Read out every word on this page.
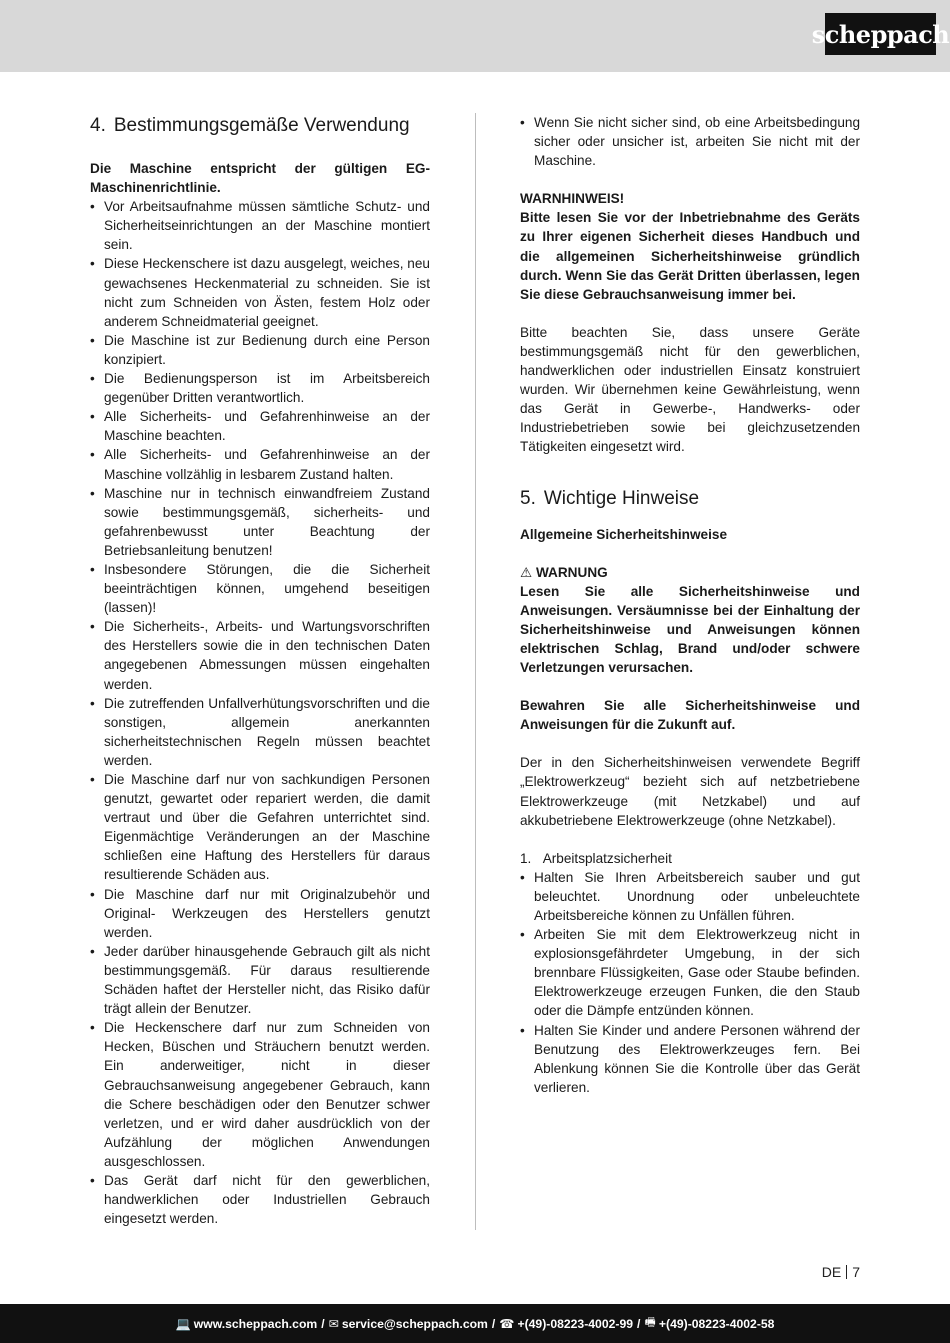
scheppach
4. Bestimmungsgemäße Verwendung

Die Maschine entspricht der gültigen EG-Maschinenrichtlinie.

• Vor Arbeitsaufnahme müssen sämtliche Schutz- und Sicherheitseinrichtungen an der Maschine montiert sein.
• Diese Heckenschere ist dazu ausgelegt, weiches, neu gewachsenes Heckenmaterial zu schneiden. Sie ist nicht zum Schneiden von Ästen, festem Holz oder anderem Schneidmaterial geeignet.
• Die Maschine ist zur Bedienung durch eine Person konzipiert.
• Die Bedienungsperson ist im Arbeitsbereich gegenüber Dritten verantwortlich.
• Alle Sicherheits- und Gefahrenhinweise an der Maschine beachten.
• Alle Sicherheits- und Gefahrenhinweise an der Maschine vollzählig in lesbarem Zustand halten.
• Maschine nur in technisch einwandfreiem Zustand sowie bestimmungsgemäß, sicherheits- und gefahrenbewusst unter Beachtung der Betriebsanleitung benutzen!
• Insbesondere Störungen, die die Sicherheit beeinträchtigen können, umgehend beseitigen (lassen)!
• Die Sicherheits-, Arbeits- und Wartungsvorschriften des Herstellers sowie die in den technischen Daten angegebenen Abmessungen müssen eingehalten werden.
• Die zutreffenden Unfallverhütungsvorschriften und die sonstigen, allgemein anerkannten sicherheitstechnischen Regeln müssen beachtet werden.
• Die Maschine darf nur von sachkundigen Personen genutzt, gewartet oder repariert werden, die damit vertraut und über die Gefahren unterrichtet sind. Eigenmächtige Veränderungen an der Maschine schließen eine Haftung des Herstellers für daraus resultierende Schäden aus.
• Die Maschine darf nur mit Originalzubehör und Original- Werkzeugen des Herstellers genutzt werden.
• Jeder darüber hinausgehende Gebrauch gilt als nicht bestimmungsgemäß. Für daraus resultierende Schäden haftet der Hersteller nicht, das Risiko dafür trägt allein der Benutzer.
• Die Heckenschere darf nur zum Schneiden von Hecken, Büschen und Sträuchern benutzt werden. Ein anderweitiger, nicht in dieser Gebrauchsanweisung angegebener Gebrauch, kann die Schere beschädigen oder den Benutzer schwer verletzen, und er wird daher ausdrücklich von der Aufzählung der möglichen Anwendungen ausgeschlossen.
• Das Gerät darf nicht für den gewerblichen, handwerklichen oder Industriellen Gebrauch eingesetzt werden.
• Wenn Sie nicht sicher sind, ob eine Arbeitsbedingung sicher oder unsicher ist, arbeiten Sie nicht mit der Maschine.

WARNHINWEIS!

Bitte lesen Sie vor der Inbetriebnahme des Geräts zu Ihrer eigenen Sicherheit dieses Handbuch und die allgemeinen Sicherheitshinweise gründlich durch. Wenn Sie das Gerät Dritten überlassen, legen Sie diese Gebrauchsanweisung immer bei.

Bitte beachten Sie, dass unsere Geräte bestimmungsgemäß nicht für den gewerblichen, handwerklichen oder industriellen Einsatz konstruiert wurden. Wir übernehmen keine Gewährleistung, wenn das Gerät in Gewerbe-, Handwerks- oder Industriebetrieben sowie bei gleichzusetzenden Tätigkeiten eingesetzt wird.

5. Wichtige Hinweise

Allgemeine Sicherheitshinweise

⚠ WARNUNG

Lesen Sie alle Sicherheitshinweise und Anweisungen. Versäumnisse bei der Einhaltung der Sicherheitshinweise und Anweisungen können elektrischen Schlag, Brand und/oder schwere Verletzungen verursachen.

Bewahren Sie alle Sicherheitshinweise und Anweisungen für die Zukunft auf.

Der in den Sicherheitshinweisen verwendete Begriff „Elektrowerkzeug“ bezieht sich auf netzbetriebene Elektrowerkzeuge (mit Netzkabel) und auf akkubetriebene Elektrowerkzeuge (ohne Netzkabel).

1. Arbeitsplatzsicherheit

• Halten Sie Ihren Arbeitsbereich sauber und gut beleuchtet. Unordnung oder unbeleuchtete Arbeitsbereiche können zu Unfällen führen.
• Arbeiten Sie mit dem Elektrowerkzeug nicht in explosionsgefährdeter Umgebung, in der sich brennbare Flüssigkeiten, Gase oder Staube befinden. Elektrowerkzeuge erzeugen Funken, die den Staub oder die Dämpfe entzünden können.
• Halten Sie Kinder und andere Personen während der Benutzung des Elektrowerkzeuges fern. Bei Ablenkung können Sie die Kontrolle über das Gerät verlieren.
DE 7
💻 www.scheppach.com / ✉ service@scheppach.com / ☎ +(49)-08223-4002-99 / 🖷 +(49)-08223-4002-58
